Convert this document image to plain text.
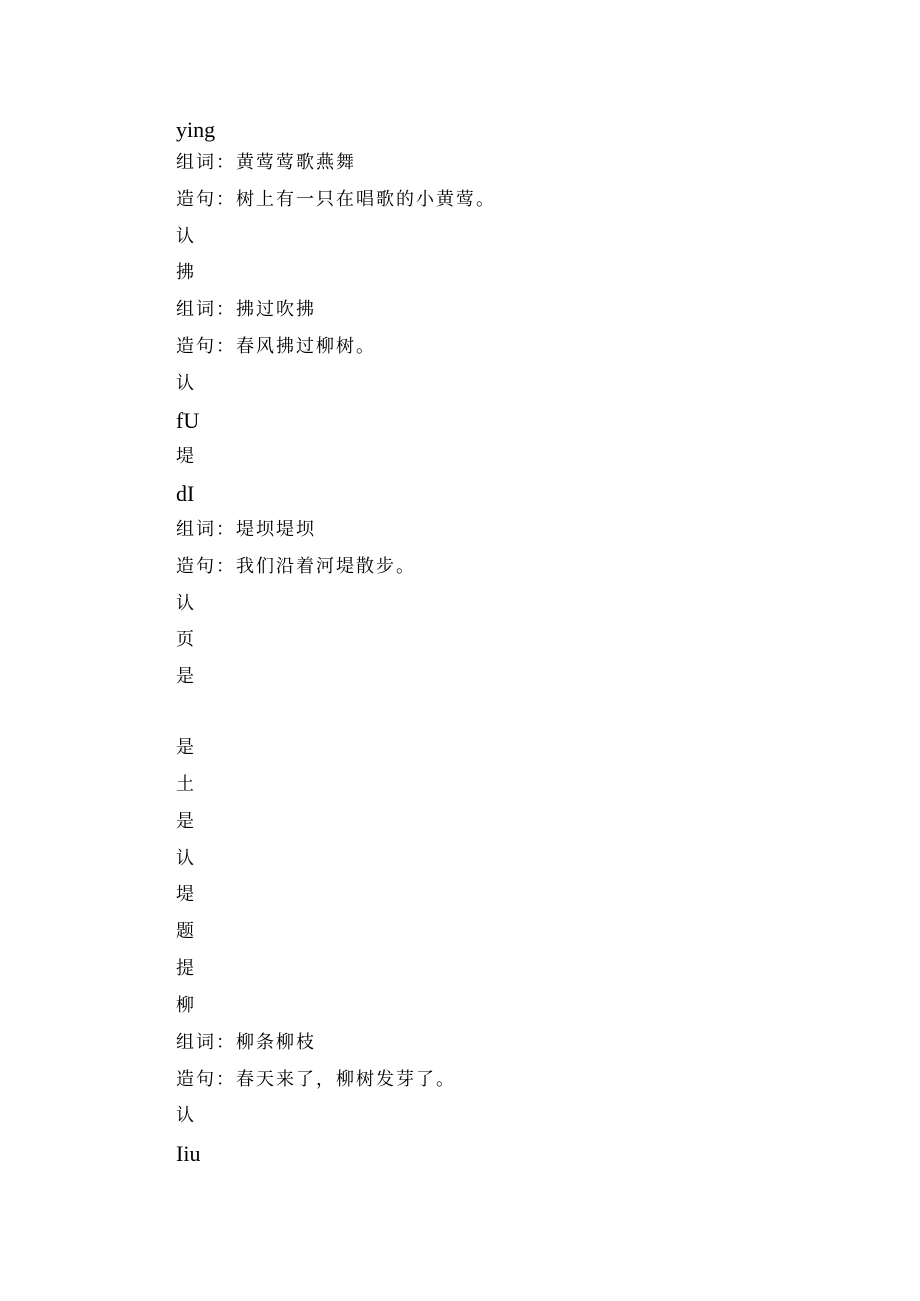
ying
组词：黄莺莺歌燕舞
造句：树上有一只在唱歌的小黄莺。
认
拂
组词：拂过吹拂
造句：春风拂过柳树。
认
fU
堤
dI
组词：堤坝堤坝
造句：我们沿着河堤散步。
认
页
是
是
土
是
认
堤
题
提
柳
组词：柳条柳枝
造句：春天来了，柳树发芽了。
认
Iiu
